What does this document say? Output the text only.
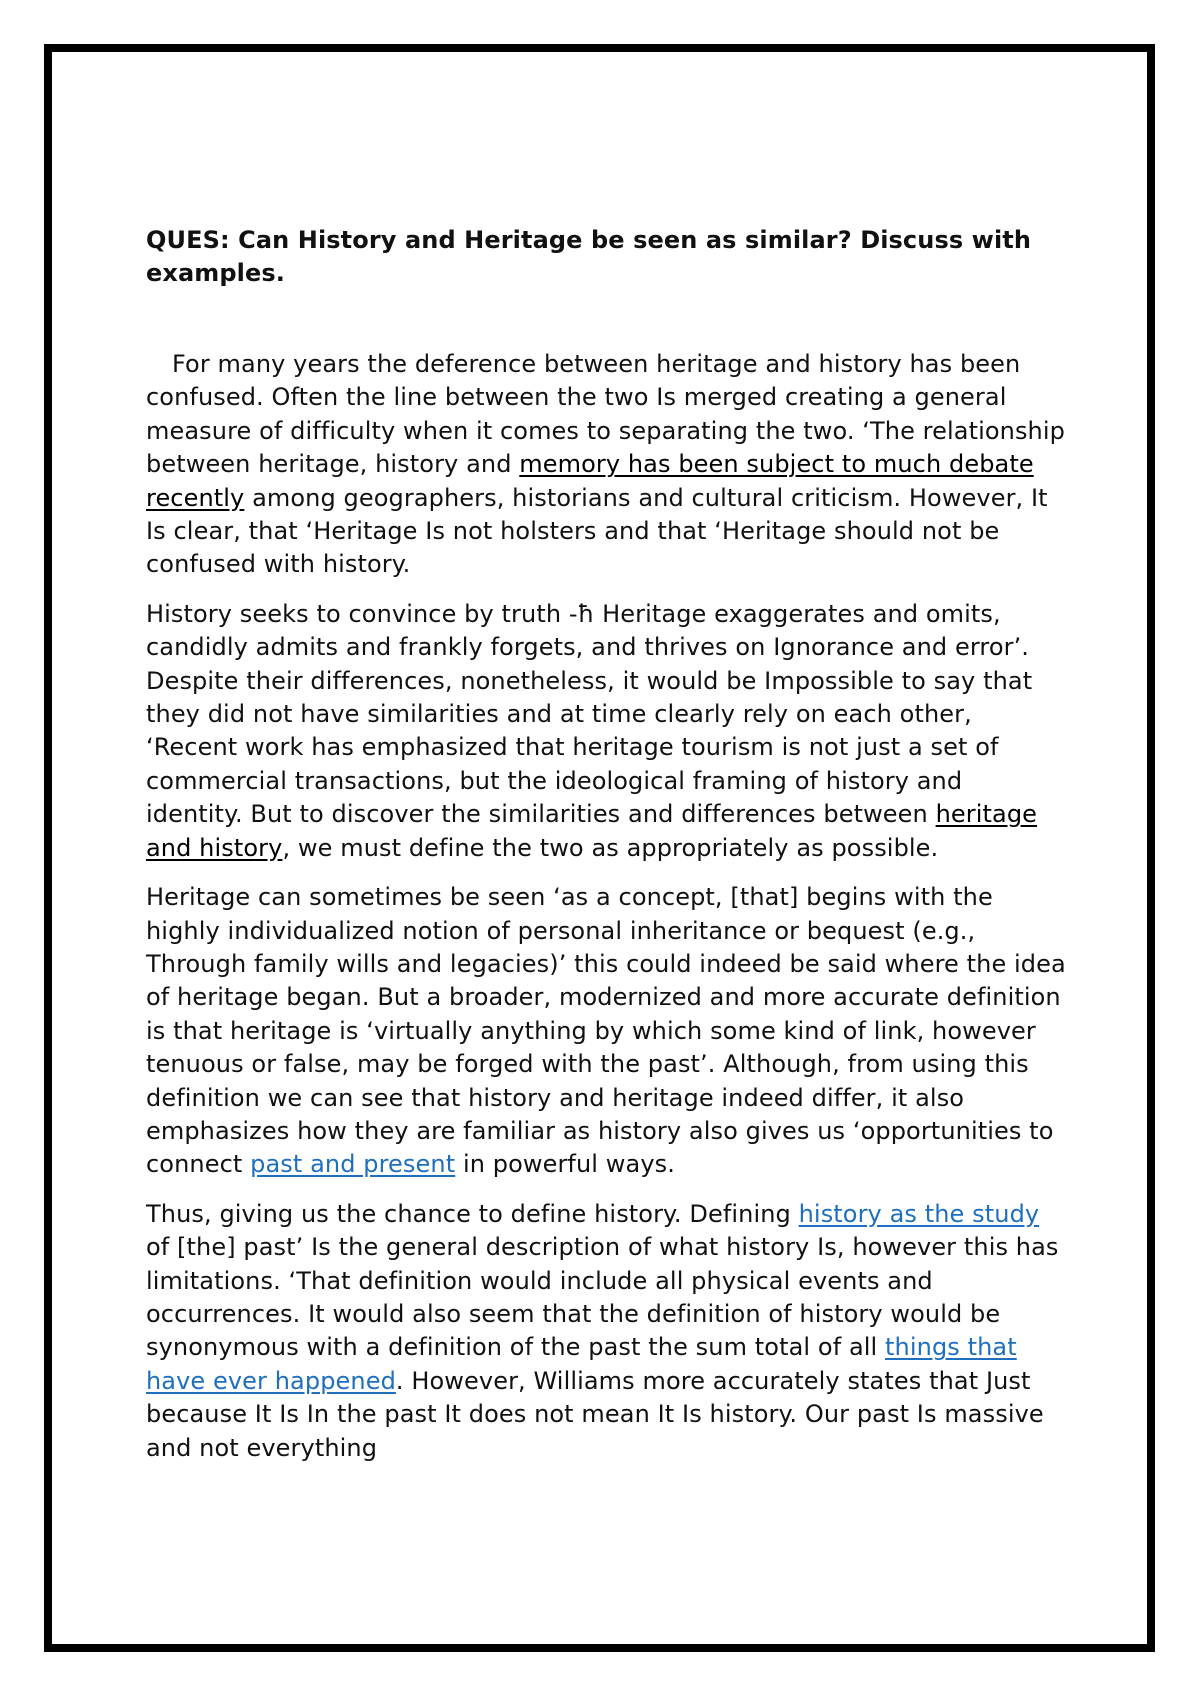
QUES: Can History and Heritage be seen as similar? Discuss with examples.

For many years the deference between heritage and history has been confused. Often the line between the two Is merged creating a general measure of difficulty when it comes to separating the two. ‘The relationship between heritage, history and memory has been subject to much debate recently among geographers, historians and cultural criticism. However, It Is clear, that ‘Heritage Is not holsters and that ‘Heritage should not be confused with history.

History seeks to convince by truth -ħ Heritage exaggerates and omits, candidly admits and frankly forgets, and thrives on Ignorance and error’. Despite their differences, nonetheless, it would be Impossible to say that they did not have similarities and at time clearly rely on each other, ‘Recent work has emphasized that heritage tourism is not just a set of commercial transactions, but the ideological framing of history and identity. But to discover the similarities and differences between heritage and history, we must define the two as appropriately as possible.

Heritage can sometimes be seen ‘as a concept, [that] begins with the highly individualized notion of personal inheritance or bequest (e.g., Through family wills and legacies)’ this could indeed be said where the idea of heritage began. But a broader, modernized and more accurate definition is that heritage is ‘virtually anything by which some kind of link, however tenuous or false, may be forged with the past’. Although, from using this definition we can see that history and heritage indeed differ, it also emphasizes how they are familiar as history also gives us ‘opportunities to connect past and present in powerful ways.

Thus, giving us the chance to define history. Defining history as the study of [the] past’ Is the general description of what history Is, however this has limitations. ‘That definition would include all physical events and occurrences. It would also seem that the definition of history would be synonymous with a definition of the past the sum total of all things that have ever happened. However, Williams more accurately states that Just because It Is In the past It does not mean It Is history. Our past Is massive and not everything
